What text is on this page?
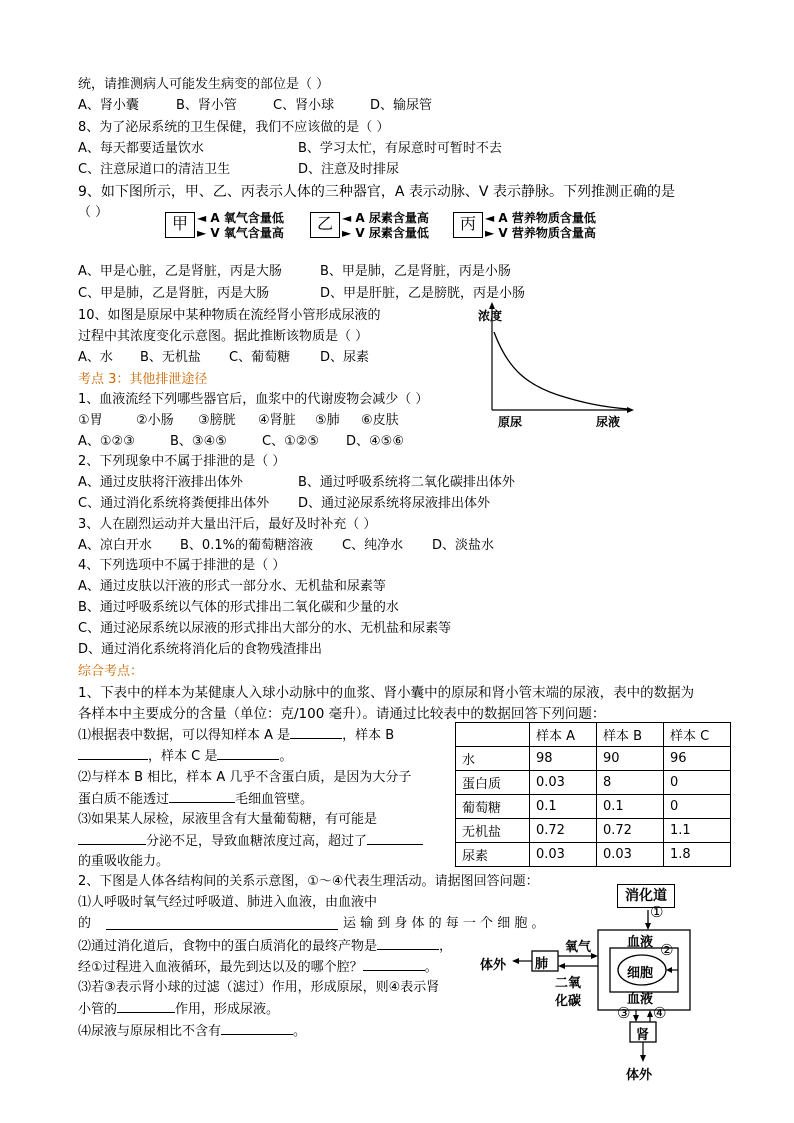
统，请推测病人可能发生病变的部位是（ ）
A、肾小囊	B、肾小管	C、肾小球	D、输尿管
8、为了泌尿系统的卫生保健，我们不应该做的是（ ）
A、每天都要适量饮水	B、学习太忙，有尿意时可暂时不去
C、注意尿道口的清洁卫生	D、注意及时排尿
9、如下图所示，甲、乙、丙表示人体的三种器官，A 表示动脉、V 表示静脉。下列推测正确的是
（ ）
甲 ◄ A 氧气含量低
► V 氧气含量高	乙 ◄ A 尿素含量高
► V 尿素含量低	丙 ◄ A 营养物质含量低
► V 营养物质含量高
A、甲是心脏，乙是肾脏，丙是大肠	B、甲是肺，乙是肾脏，丙是小肠
C、甲是肺，乙是肾脏，丙是大肠	D、甲是肝脏，乙是膀胱，丙是小肠
10、如图是原尿中某种物质在流经肾小管形成尿液的
过程中其浓度变化示意图。据此推断该物质是（ ）
A、水 B、无机盐 C、葡萄糖 D、尿素
浓度
原尿	尿液
考点 3：其他排泄途径
1、血液流经下列哪些器官后，血浆中的代谢废物会减少（ ）
①胃	②小肠 ③膀胱 ④肾脏 ⑤肺 ⑥皮肤
A、①②③	B、③④⑤	C、①②⑤ D、④⑤⑥
2、下列现象中不属于排泄的是（ ）
A、通过皮肤将汗液排出体外	B、通过呼吸系统将二氧化碳排出体外
C、通过消化系统将粪便排出体外 D、通过泌尿系统将尿液排出体外
3、人在剧烈运动并大量出汗后，最好及时补充（ ）
A、凉白开水 B、0.1%的葡萄糖溶液 C、纯净水 D、淡盐水
4、下列选项中不属于排泄的是（ ）
A、通过皮肤以汗液的形式一部分水、无机盐和尿素等
B、通过呼吸系统以气体的形式排出二氧化碳和少量的水
C、通过泌尿系统以尿液的形式排出大部分的水、无机盐和尿素等
D、通过消化系统将消化后的食物残渣排出
综合考点：
1、下表中的样本为某健康人入球小动脉中的血浆、肾小囊中的原尿和肾小管末端的尿液，表中的数据为
各样本中主要成分的含量（单位：克/100 毫升）。请通过比较表中的数据回答下列问题：
⑴根据表中数据，可以得知样本 A 是	，样本 B
，样本 C 是	。
⑵与样本 B 相比，样本 A 几乎不含蛋白质，是因为大分子
蛋白质不能透过	毛细血管壁。
⑶如果某人尿检，尿液里含有大量葡萄糖，有可能是
分泌不足，导致血糖浓度过高，超过了
的重吸收能力。
	样本 A	样本 B	样本 C
水	98	90	96
蛋白质	0.03	8	0
葡萄糖	0.1	0.1	0
无机盐	0.72	0.72	1.1
尿素	0.03	0.03	1.8
2、下图是人体各结构间的关系示意图，①～④代表生理活动。请据图回答问题：
⑴人呼吸时氧气经过呼吸道、肺进入血液，由血液中
的	运 输 到 身 体 的 每 一 个 细 胞 。
⑵通过消化道后，食物中的蛋白质消化的最终产物是	，
经①过程进入血液循环，最先到达以及的哪个腔？	。
⑶若③表示肾小球的过滤（滤过）作用，形成原尿，则④表示肾
小管的	作用，形成尿液。
⑷尿液与原尿相比不含有	。
消化道
①
血液 ②
细胞
血液
氧气
二氧
化碳
肺
体外
③ ④
肾
体外
